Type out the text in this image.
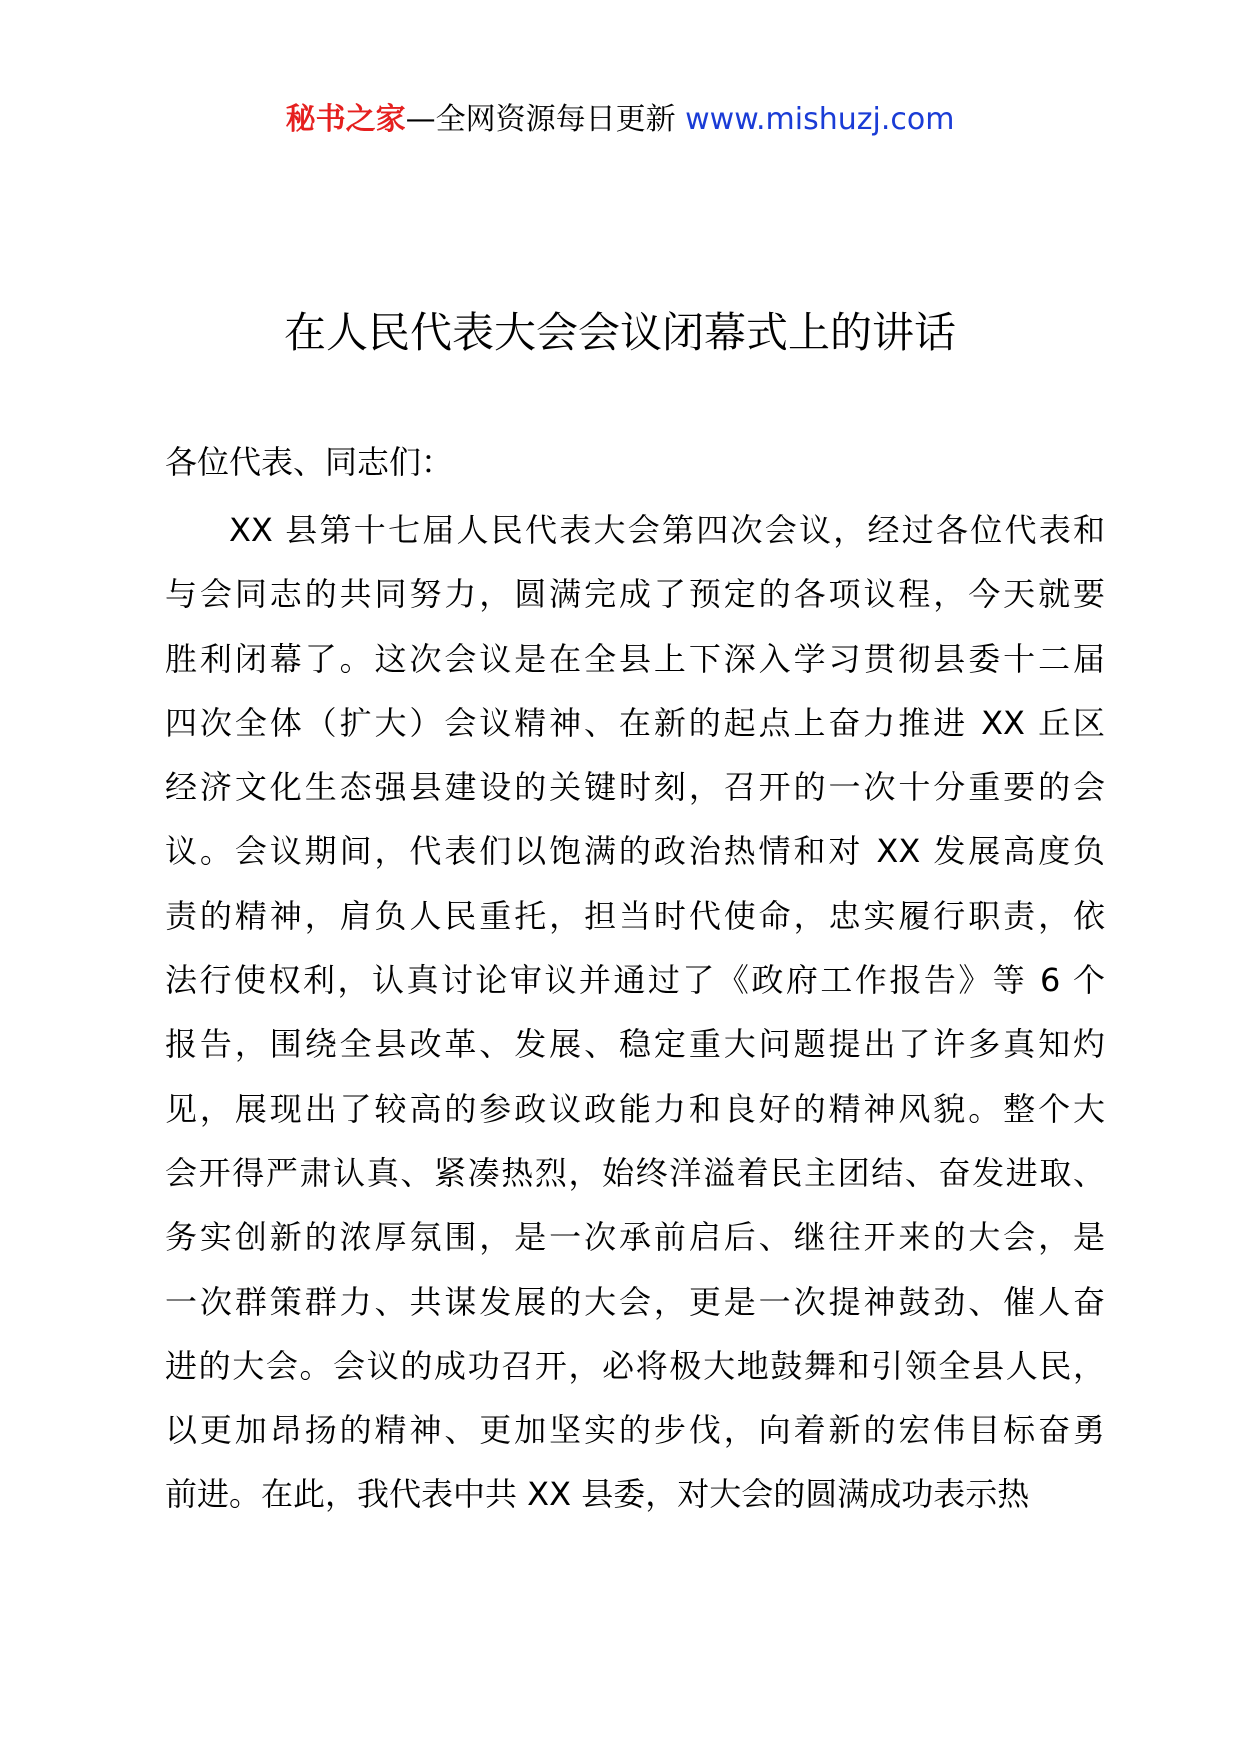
秘书之家—全网资源每日更新 www.mishuzj.com
在人民代表大会会议闭幕式上的讲话
各位代表、同志们：
XX 县第十七届人民代表大会第四次会议，经过各位代表和
与会同志的共同努力，圆满完成了预定的各项议程，今天就要
胜利闭幕了。这次会议是在全县上下深入学习贯彻县委十二届
四次全体（扩大）会议精神、在新的起点上奋力推进 XX 丘区
经济文化生态强县建设的关键时刻，召开的一次十分重要的会
议。会议期间，代表们以饱满的政治热情和对 XX 发展高度负
责的精神，肩负人民重托，担当时代使命，忠实履行职责，依
法行使权利，认真讨论审议并通过了《政府工作报告》等 6 个
报告，围绕全县改革、发展、稳定重大问题提出了许多真知灼
见，展现出了较高的参政议政能力和良好的精神风貌。整个大
会开得严肃认真、紧凑热烈，始终洋溢着民主团结、奋发进取、
务实创新的浓厚氛围，是一次承前启后、继往开来的大会，是
一次群策群力、共谋发展的大会，更是一次提神鼓劲、催人奋
进的大会。会议的成功召开，必将极大地鼓舞和引领全县人民，
以更加昂扬的精神、更加坚实的步伐，向着新的宏伟目标奋勇
前进。在此，我代表中共 XX 县委，对大会的圆满成功表示热
